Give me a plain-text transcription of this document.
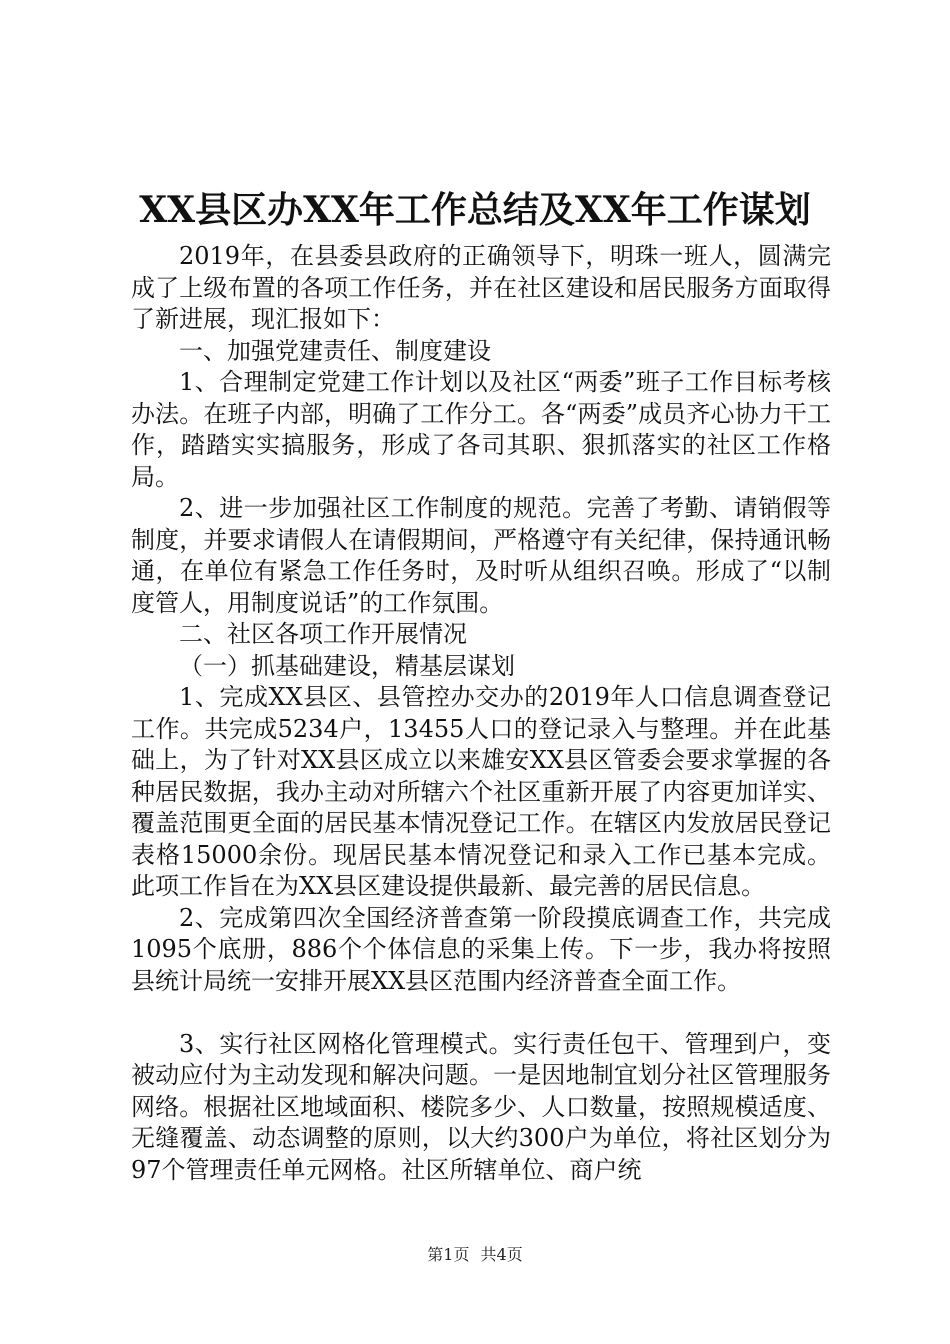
XX县区办XX年工作总结及XX年工作谋划

2019年，在县委县政府的正确领导下，明珠一班人，圆满完成了上级布置的各项工作任务，并在社区建设和居民服务方面取得了新进展，现汇报如下：

一、加强党建责任、制度建设

1、合理制定党建工作计划以及社区“两委”班子工作目标考核办法。在班子内部，明确了工作分工。各“两委”成员齐心协力干工作，踏踏实实搞服务，形成了各司其职、狠抓落实的社区工作格局。

2、进一步加强社区工作制度的规范。完善了考勤、请销假等制度，并要求请假人在请假期间，严格遵守有关纪律，保持通讯畅通，在单位有紧急工作任务时，及时听从组织召唤。形成了“以制度管人，用制度说话”的工作氛围。

二、社区各项工作开展情况

（一）抓基础建设，精基层谋划

1、完成XX县区、县管控办交办的2019年人口信息调查登记工作。共完成5234户，13455人口的登记录入与整理。并在此基础上，为了针对XX县区成立以来雄安XX县区管委会要求掌握的各种居民数据，我办主动对所辖六个社区重新开展了内容更加详实、覆盖范围更全面的居民基本情况登记工作。在辖区内发放居民登记表格15000余份。现居民基本情况登记和录入工作已基本完成。此项工作旨在为XX县区建设提供最新、最完善的居民信息。

2、完成第四次全国经济普查第一阶段摸底调查工作，共完成1095个底册，886个个体信息的采集上传。下一步，我办将按照县统计局统一安排开展XX县区范围内经济普查全面工作。

3、实行社区网格化管理模式。实行责任包干、管理到户，变被动应付为主动发现和解决问题。一是因地制宜划分社区管理服务网络。根据社区地域面积、楼院多少、人口数量，按照规模适度、无缝覆盖、动态调整的原则，以大约300户为单位，将社区划分为97个管理责任单元网格。社区所辖单位、商户统

第1页 共4页
